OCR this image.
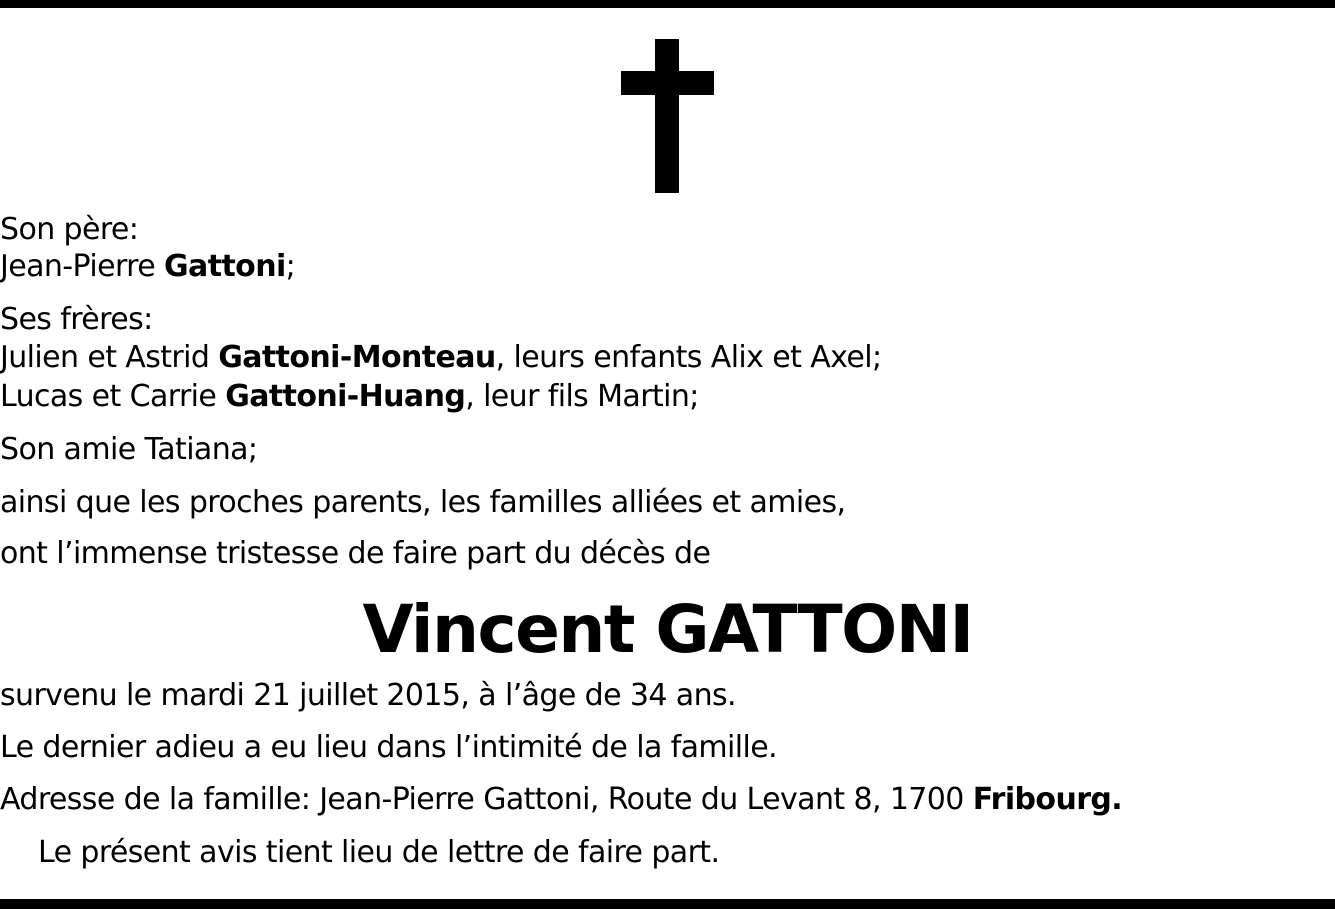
Son père:
Jean-Pierre Gattoni;
Ses frères:
Julien et Astrid Gattoni-Monteau, leurs enfants Alix et Axel;
Lucas et Carrie Gattoni-Huang, leur fils Martin;
Son amie Tatiana;
ainsi que les proches parents, les familles alliées et amies,
ont l’immense tristesse de faire part du décès de
Vincent GATTONI
survenu le mardi 21 juillet 2015, à l’âge de 34 ans.
Le dernier adieu a eu lieu dans l’intimité de la famille.
Adresse de la famille: Jean-Pierre Gattoni, Route du Levant 8, 1700 Fribourg.
Le présent avis tient lieu de lettre de faire part.
